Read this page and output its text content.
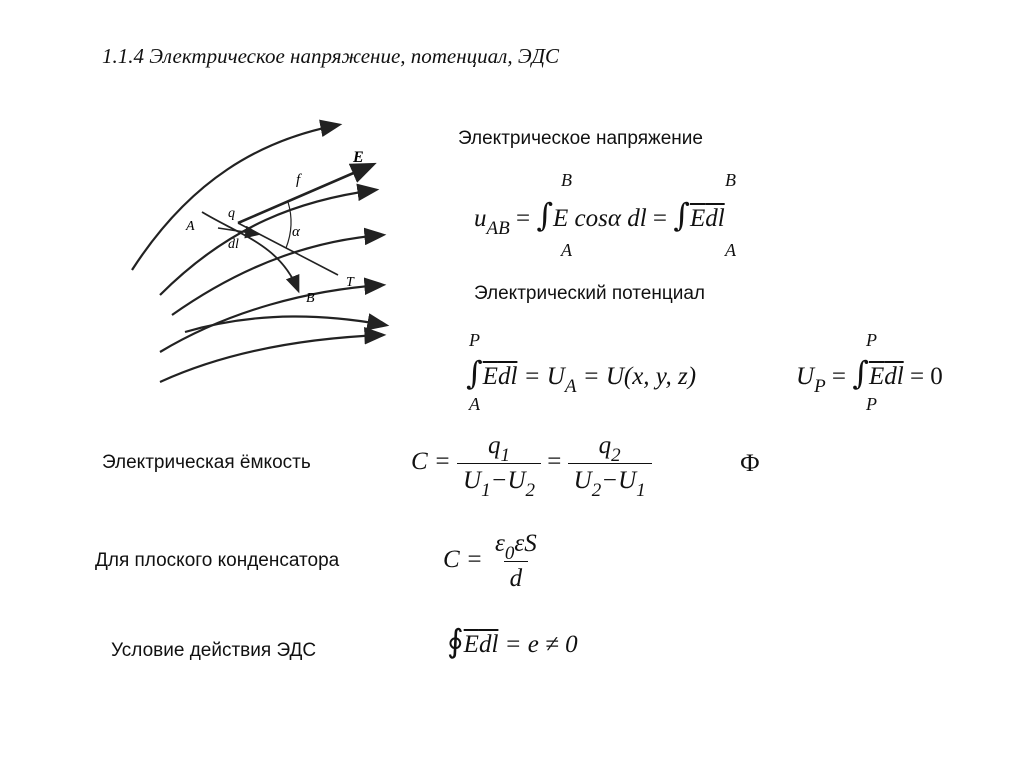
1.1.4 Электрическое напряжение, потенциал, ЭДС
E
f
q
A
dl
α
T
B
Электрическое напряжение
B
A
B
A
$u_{AB} = \int E$ cosα dl = $\int\overline{E}\overline{dl}$
Электрический потенциал
P
A
$\int\overline{E}\overline{dl} = U_A = U(x$, y, z)
P
P
$U_P = \int\overline{E}\overline{dl} = 0$
Электрическая ёмкость	$C = \frac{q_1}{U_1-U_2} = \frac{q_2}{U_2-U_1}$	Ф
Для плоского конденсатора	$C = \frac{\varepsilon_0\varepsilon S}{d}$
Условие действия ЭДС	$∮\overline{E}\overline{dl} = e \ne 0$
